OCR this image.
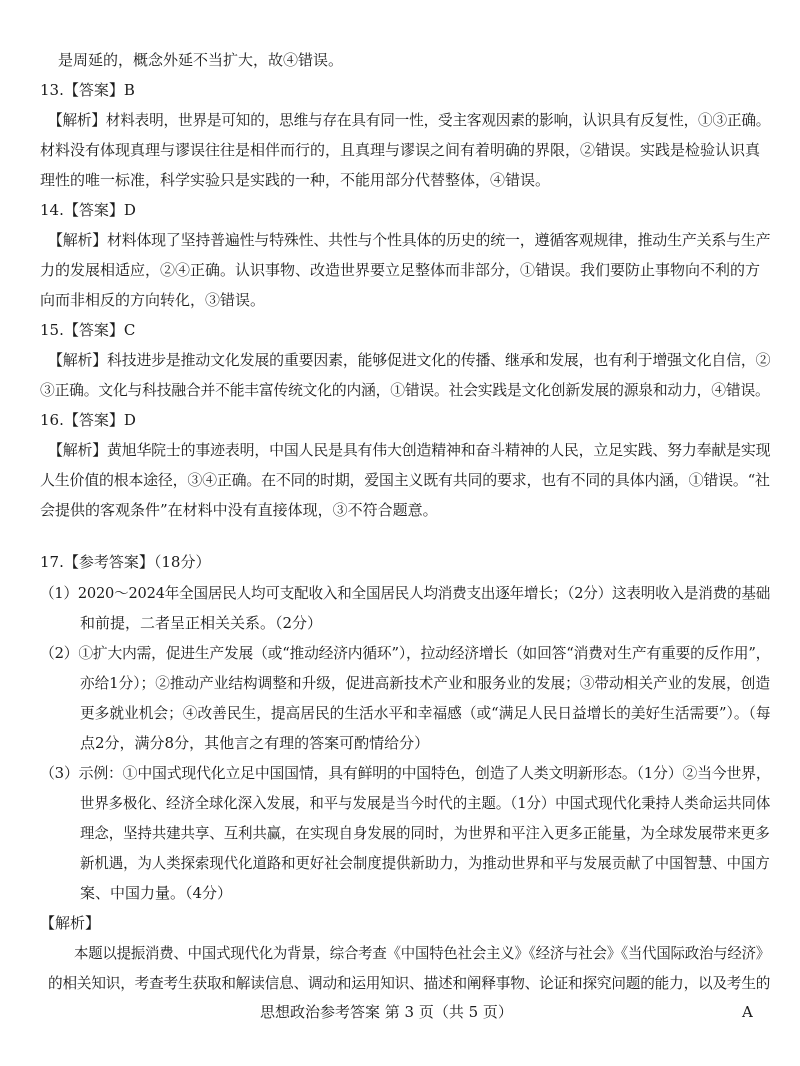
是周延的，概念外延不当扩大，故④错误。
13.【答案】B
【解析】材料表明，世界是可知的，思维与存在具有同一性，受主客观因素的影响，认识具有反复性，①③正确。
材料没有体现真理与谬误往往是相伴而行的，且真理与谬误之间有着明确的界限，②错误。实践是检验认识真
理性的唯一标准，科学实验只是实践的一种，不能用部分代替整体，④错误。
14.【答案】D
【解析】材料体现了坚持普遍性与特殊性、共性与个性具体的历史的统一，遵循客观规律，推动生产关系与生产
力的发展相适应，②④正确。认识事物、改造世界要立足整体而非部分，①错误。我们要防止事物向不利的方
向而非相反的方向转化，③错误。
15.【答案】C
【解析】科技进步是推动文化发展的重要因素，能够促进文化的传播、继承和发展，也有利于增强文化自信，②
③正确。文化与科技融合并不能丰富传统文化的内涵，①错误。社会实践是文化创新发展的源泉和动力，④错误。
16.【答案】D
【解析】黄旭华院士的事迹表明，中国人民是具有伟大创造精神和奋斗精神的人民，立足实践、努力奉献是实现
人生价值的根本途径，③④正确。在不同的时期，爱国主义既有共同的要求，也有不同的具体内涵，①错误。“社
会提供的客观条件”在材料中没有直接体现，③不符合题意。
17.【参考答案】（18分）
（1）2020～2024年全国居民人均可支配收入和全国居民人均消费支出逐年增长；（2分）这表明收入是消费的基础
和前提，二者呈正相关关系。（2分）
（2）①扩大内需，促进生产发展（或“推动经济内循环”），拉动经济增长（如回答“消费对生产有重要的反作用”，
亦给1分）；②推动产业结构调整和升级，促进高新技术产业和服务业的发展；③带动相关产业的发展，创造
更多就业机会；④改善民生，提高居民的生活水平和幸福感（或“满足人民日益增长的美好生活需要”）。（每
点2分，满分8分，其他言之有理的答案可酌情给分）
（3）示例：①中国式现代化立足中国国情，具有鲜明的中国特色，创造了人类文明新形态。（1分）②当今世界，
世界多极化、经济全球化深入发展，和平与发展是当今时代的主题。（1分）中国式现代化秉持人类命运共同体
理念，坚持共建共享、互利共赢，在实现自身发展的同时，为世界和平注入更多正能量，为全球发展带来更多
新机遇，为人类探索现代化道路和更好社会制度提供新助力，为推动世界和平与发展贡献了中国智慧、中国方
案、中国力量。（4分）
【解析】
本题以提振消费、中国式现代化为背景，综合考查《中国特色社会主义》《经济与社会》《当代国际政治与经济》
的相关知识，考查考生获取和解读信息、调动和运用知识、描述和阐释事物、论证和探究问题的能力，以及考生的
思想政治参考答案 第 3 页（共 5 页）	A
